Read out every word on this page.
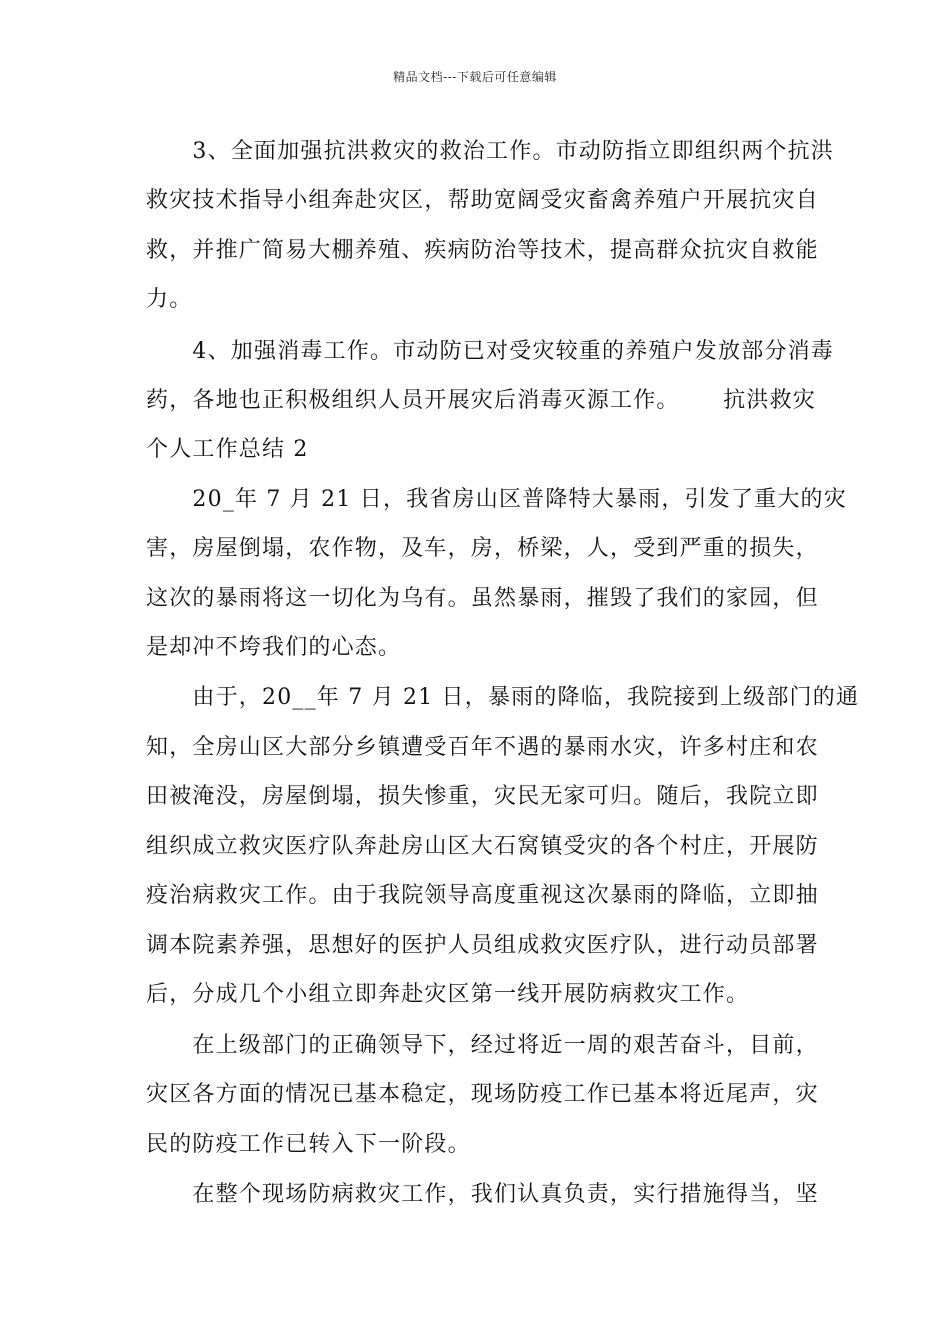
精品文档---下载后可任意编辑
　　3、全面加强抗洪救灾的救治工作。市动防指立即组织两个抗洪
救灾技术指导小组奔赴灾区，帮助宽阔受灾畜禽养殖户开展抗灾自
救，并推广简易大棚养殖、疾病防治等技术，提高群众抗灾自救能
力。
　　4、加强消毒工作。市动防已对受灾较重的养殖户发放部分消毒
药，各地也正积极组织人员开展灾后消毒灭源工作。　　 抗洪救灾
个人工作总结 2
　　20_年 7 月 21 日，我省房山区普降特大暴雨，引发了重大的灾
害，房屋倒塌，农作物，及车，房，桥梁，人，受到严重的损失，
这次的暴雨将这一切化为乌有。虽然暴雨，摧毁了我们的家园，但
是却冲不垮我们的心态。
　　由于，20__年 7 月 21 日，暴雨的降临，我院接到上级部门的通
知，全房山区大部分乡镇遭受百年不遇的暴雨水灾，许多村庄和农
田被淹没，房屋倒塌，损失惨重，灾民无家可归。随后，我院立即
组织成立救灾医疗队奔赴房山区大石窝镇受灾的各个村庄，开展防
疫治病救灾工作。由于我院领导高度重视这次暴雨的降临，立即抽
调本院素养强，思想好的医护人员组成救灾医疗队，进行动员部署
后，分成几个小组立即奔赴灾区第一线开展防病救灾工作。
　　在上级部门的正确领导下，经过将近一周的艰苦奋斗，目前，
灾区各方面的情况已基本稳定，现场防疫工作已基本将近尾声，灾
民的防疫工作已转入下一阶段。
　　在整个现场防病救灾工作，我们认真负责，实行措施得当，坚
